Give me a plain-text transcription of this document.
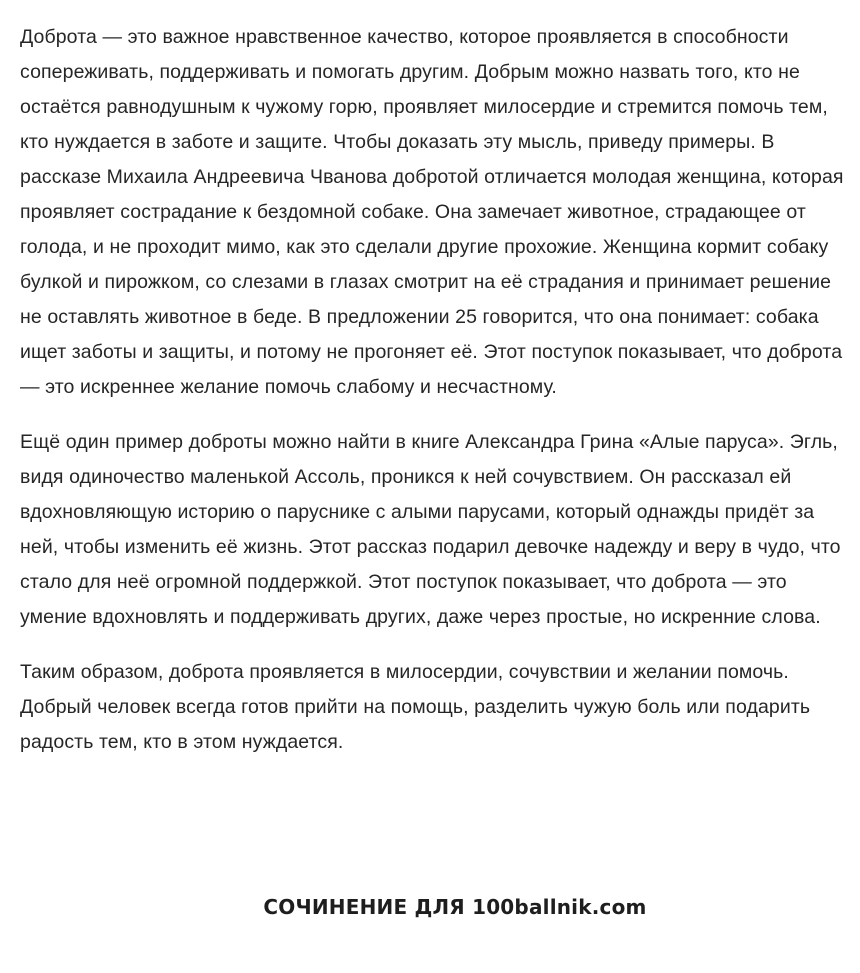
Доброта — это важное нравственное качество, которое проявляется в способности сопереживать, поддерживать и помогать другим. Добрым можно назвать того, кто не остаётся равнодушным к чужому горю, проявляет милосердие и стремится помочь тем, кто нуждается в заботе и защите. Чтобы доказать эту мысль, приведу примеры. В рассказе Михаила Андреевича Чванова добротой отличается молодая женщина, которая проявляет сострадание к бездомной собаке. Она замечает животное, страдающее от голода, и не проходит мимо, как это сделали другие прохожие. Женщина кормит собаку булкой и пирожком, со слезами в глазах смотрит на её страдания и принимает решение не оставлять животное в беде. В предложении 25 говорится, что она понимает: собака ищет заботы и защиты, и потому не прогоняет её. Этот поступок показывает, что доброта — это искреннее желание помочь слабому и несчастному.

Ещё один пример доброты можно найти в книге Александра Грина «Алые паруса». Эгль, видя одиночество маленькой Ассоль, проникся к ней сочувствием. Он рассказал ей вдохновляющую историю о паруснике с алыми парусами, который однажды придёт за ней, чтобы изменить её жизнь. Этот рассказ подарил девочке надежду и веру в чудо, что стало для неё огромной поддержкой. Этот поступок показывает, что доброта — это умение вдохновлять и поддерживать других, даже через простые, но искренние слова.

Таким образом, доброта проявляется в милосердии, сочувствии и желании помочь. Добрый человек всегда готов прийти на помощь, разделить чужую боль или подарить радость тем, кто в этом нуждается.

СОЧИНЕНИЕ ДЛЯ 100ballnik.com
